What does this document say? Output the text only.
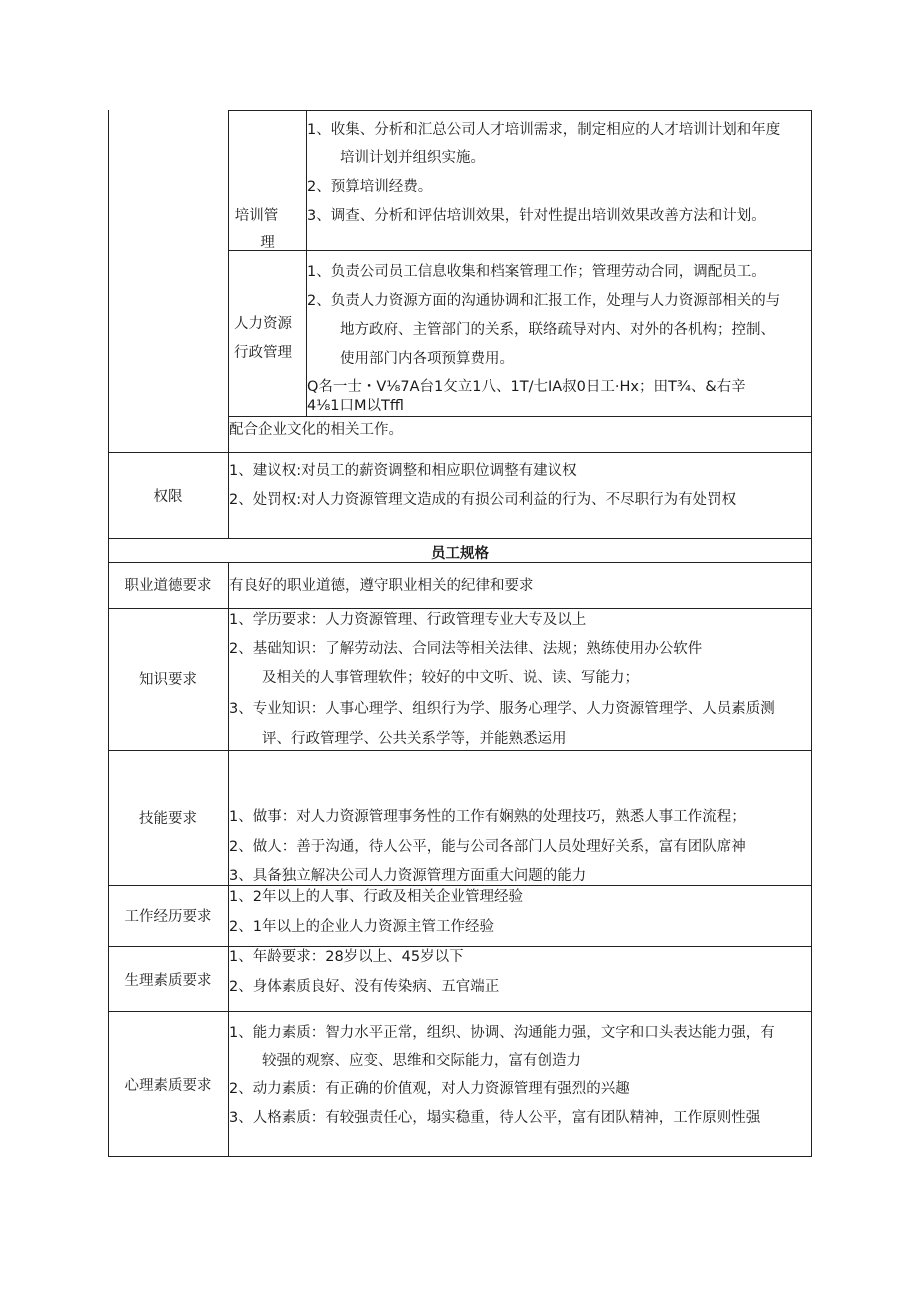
培训管
理
1、收集、分析和汇总公司人才培训需求，制定相应的人才培训计划和年度
培训计划并组织实施。
2、预算培训经费。
3、调查、分析和评估培训效果，针对性提出培训效果改善方法和计划。
人力资源
行政管理
1、负责公司员工信息收集和档案管理工作；管理劳动合同，调配员工。
2、负责人力资源方面的沟通协调和汇报工作，处理与人力资源部相关的与
地方政府、主管部门的关系，联络疏导对内、对外的各机构；控制、
使用部门内各项预算费用。
Q名一士・V⅛7A台1攵立1八、1T/七IA叔0日工·Hx；田T¾、&右辛
4⅛1口M以Tffl
配合企业文化的相关工作。
权限
1、建议权:对员工的薪资调整和相应职位调整有建议权
2、处罚权:对人力资源管理文造成的有损公司利益的行为、不尽职行为有处罚权
员工规格
职业道德要求	有良好的职业道德，遵守职业相关的纪律和要求
知识要求
1、学历要求：人力资源管理、行政管理专业大专及以上
2、基础知识：了解劳动法、合同法等相关法律、法规；熟练使用办公软件
及相关的人事管理软件；较好的中文听、说、读、写能力；
3、专业知识：人事心理学、组织行为学、服务心理学、人力资源管理学、人员素质测
评、行政管理学、公共关系学等，并能熟悉运用
技能要求	1、做事：对人力资源管理事务性的工作有娴熟的处理技巧，熟悉人事工作流程；
2、做人：善于沟通，待人公平，能与公司各部门人员处理好关系，富有团队席神
3、具备独立解决公司人力资源管理方面重大问题的能力
工作经历要求
1、2年以上的人事、行政及相关企业管理经验
2、1年以上的企业人力资源主管工作经验
生理素质要求
1、年龄要求：28岁以上、45岁以下
2、身体素质良好、没有传染病、五官端正
心理素质要求
1、能力素质：智力水平正常，组织、协调、沟通能力强，文字和口头表达能力强，有
较强的观察、应变、思维和交际能力，富有创造力
2、动力素质：有正确的价值观，对人力资源管理有强烈的兴趣
3、人格素质：有较强责任心，塌实稳重，待人公平，富有团队精神，工作原则性强
